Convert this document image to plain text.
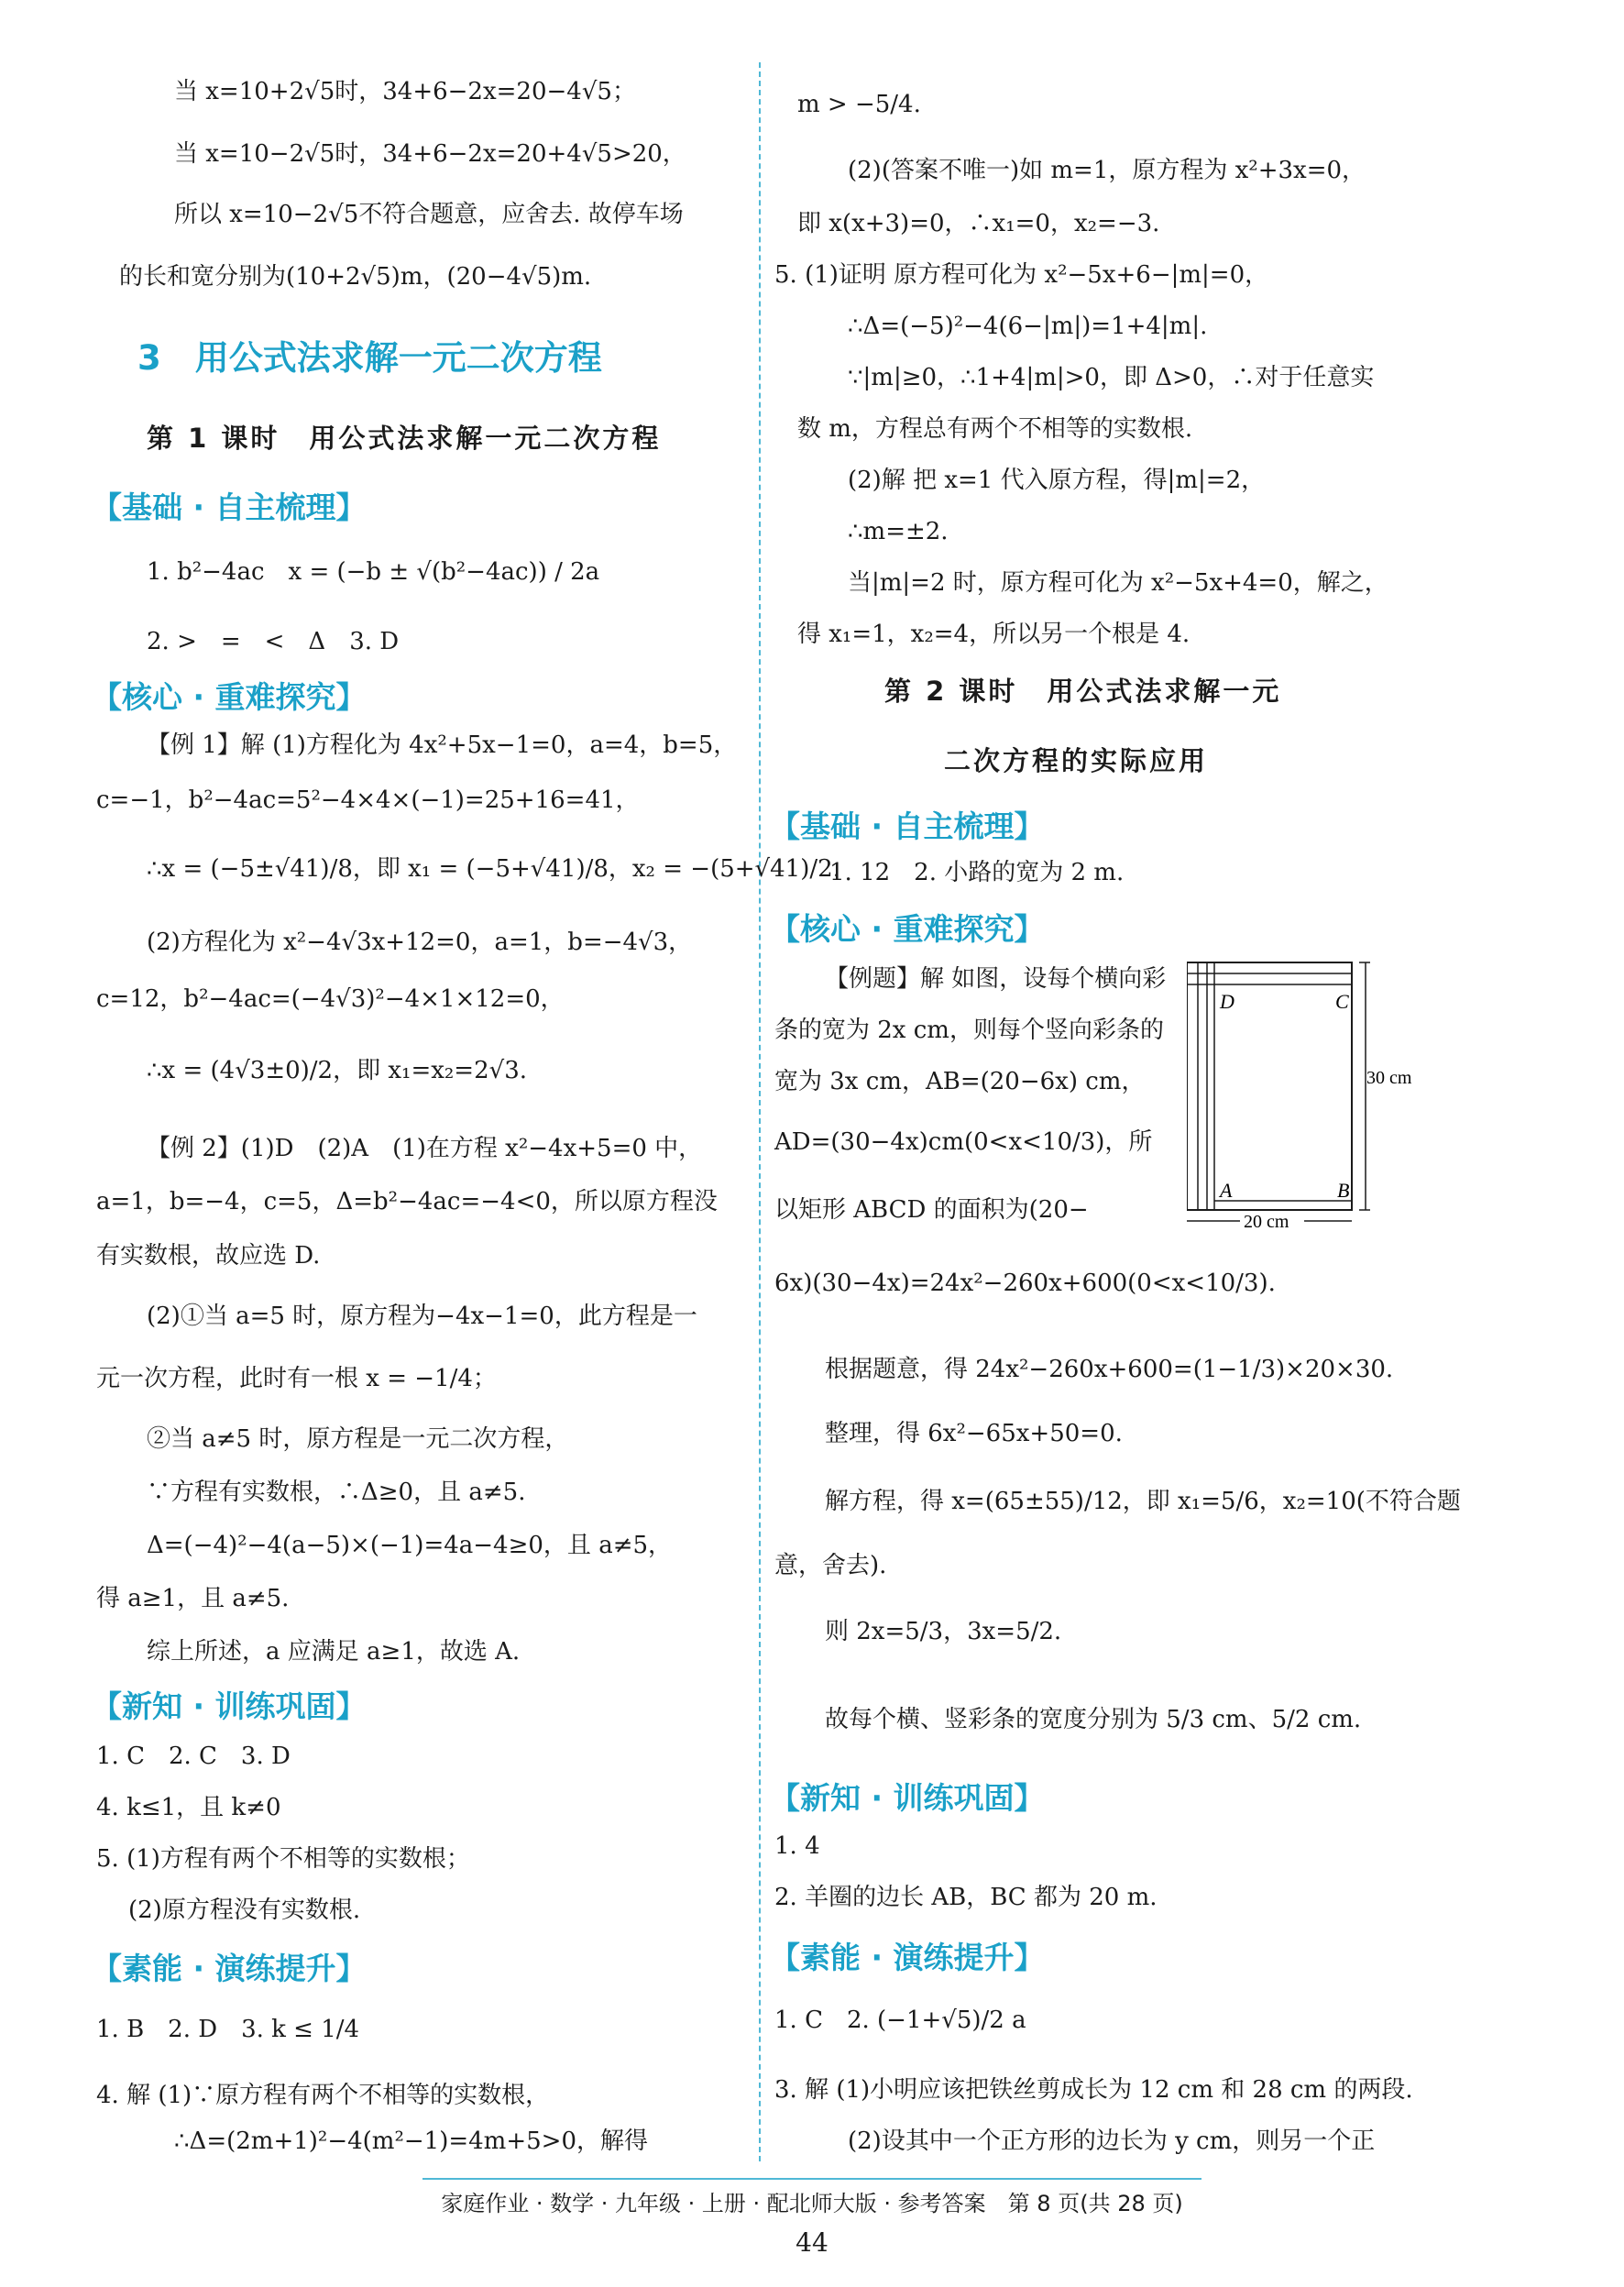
当 x=10+2√5时，34+6−2x=20−4√5；
当 x=10−2√5时，34+6−2x=20+4√5>20，
所以 x=10−2√5不符合题意，应舍去. 故停车场
的长和宽分别为(10+2√5)m，(20−4√5)m.
3　用公式法求解一元二次方程
第 1 课时　用公式法求解一元二次方程
【基础 · 自主梳理】
1. b²−4ac　x = (−b ± √(b²−4ac)) / 2a
2. >　=　<　Δ　3. D
【核心 · 重难探究】
【例 1】解 (1)方程化为 4x²+5x−1=0，a=4，b=5，
c=−1，b²−4ac=5²−4×4×(−1)=25+16=41，
∴x = (−5±√41)/8，即 x₁ = (−5+√41)/8，x₂ = −(5+√41)/2.
(2)方程化为 x²−4√3x+12=0，a=1，b=−4√3，
c=12，b²−4ac=(−4√3)²−4×1×12=0，
∴x = (4√3±0)/2，即 x₁=x₂=2√3.
【例 2】(1)D　(2)A　(1)在方程 x²−4x+5=0 中，
a=1，b=−4，c=5，Δ=b²−4ac=−4<0，所以原方程没
有实数根，故应选 D.
(2)①当 a=5 时，原方程为−4x−1=0，此方程是一
元一次方程，此时有一根 x = −1/4；
②当 a≠5 时，原方程是一元二次方程，
∵方程有实数根，∴Δ≥0，且 a≠5.
Δ=(−4)²−4(a−5)×(−1)=4a−4≥0，且 a≠5，
得 a≥1，且 a≠5.
综上所述，a 应满足 a≥1，故选 A.
【新知 · 训练巩固】
1. C　2. C　3. D
4. k≤1，且 k≠0
5. (1)方程有两个不相等的实数根；
(2)原方程没有实数根.
【素能 · 演练提升】
1. B　2. D　3. k ≤ 1/4
4. 解 (1)∵原方程有两个不相等的实数根，
∴Δ=(2m+1)²−4(m²−1)=4m+5>0，解得
m > −5/4.
(2)(答案不唯一)如 m=1，原方程为 x²+3x=0，
即 x(x+3)=0，∴x₁=0，x₂=−3.
5. (1)证明 原方程可化为 x²−5x+6−|m|=0，
∴Δ=(−5)²−4(6−|m|)=1+4|m|.
∵|m|≥0，∴1+4|m|>0，即 Δ>0，∴对于任意实
数 m，方程总有两个不相等的实数根.
(2)解 把 x=1 代入原方程，得|m|=2，
∴m=±2.
当|m|=2 时，原方程可化为 x²−5x+4=0，解之，
得 x₁=1，x₂=4，所以另一个根是 4.
第 2 课时　用公式法求解一元
二次方程的实际应用
【基础 · 自主梳理】
1. 12　2. 小路的宽为 2 m.
【核心 · 重难探究】
【例题】解 如图，设每个横向彩
条的宽为 2x cm，则每个竖向彩条的
宽为 3x cm，AB=(20−6x) cm，
AD=(30−4x)cm(0<x<10/3)，所
以矩形 ABCD 的面积为(20−
6x)(30−4x)=24x²−260x+600(0<x<10/3).
根据题意，得 24x²−260x+600=(1−1/3)×20×30.
整理，得 6x²−65x+50=0.
解方程，得 x=(65±55)/12，即 x₁=5/6，x₂=10(不符合题
意，舍去).
则 2x=5/3，3x=5/2.
故每个横、竖彩条的宽度分别为 5/3 cm、5/2 cm.
【新知 · 训练巩固】
1. 4
2. 羊圈的边长 AB，BC 都为 20 m.
【素能 · 演练提升】
1. C　2. (−1+√5)/2 a
3. 解 (1)小明应该把铁丝剪成长为 12 cm 和 28 cm 的两段.
(2)设其中一个正方形的边长为 y cm，则另一个正
D	C
A	B
30 cm
20 cm
家庭作业 · 数学 · 九年级 · 上册 · 配北师大版 · 参考答案　第 8 页(共 28 页)
44
